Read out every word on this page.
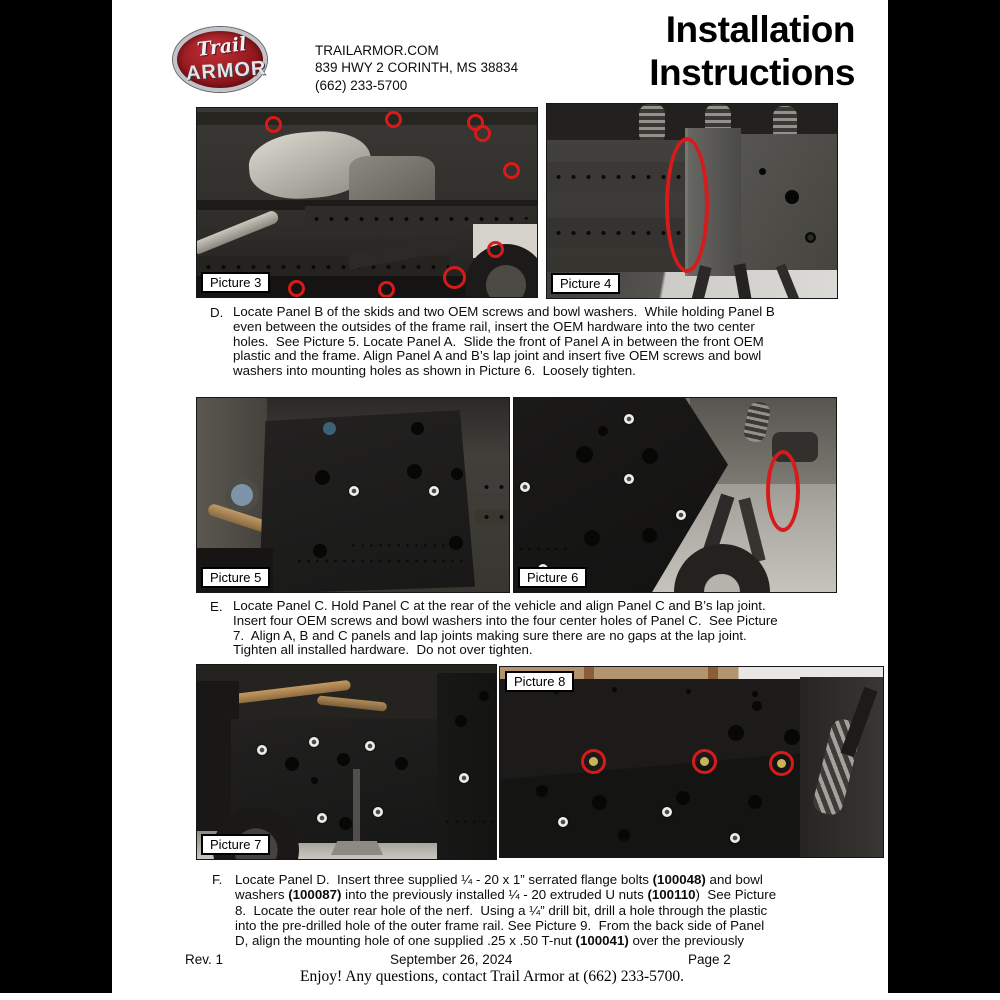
Trail
ARMOR
TRAILARMOR.COM
839 HWY 2 CORINTH, MS 38834
(662) 233-5700
Installation
Instructions
Picture 3	Picture 4
D. Locate Panel B of the skids and two OEM screws and bowl washers.  While holding Panel B
even between the outsides of the frame rail, insert the OEM hardware into the two center
holes.  See Picture 5. Locate Panel A.  Slide the front of Panel A in between the front OEM
plastic and the frame. Align Panel A and B’s lap joint and insert five OEM screws and bowl
washers into mounting holes as shown in Picture 6.  Loosely tighten.
Picture 5	Picture 6
E. Locate Panel C. Hold Panel C at the rear of the vehicle and align Panel C and B’s lap joint.
Insert four OEM screws and bowl washers into the four center holes of Panel C.  See Picture
7.  Align A, B and C panels and lap joints making sure there are no gaps at the lap joint.
Tighten all installed hardware.  Do not over tighten.
Picture 7
Picture 8
F. Locate Panel D.  Insert three supplied ¼ - 20 x 1” serrated flange bolts (100048) and bowl
washers (100087) into the previously installed ¼ - 20 extruded U nuts (100110)  See Picture
8.  Locate the outer rear hole of the nerf.  Using a ¼” drill bit, drill a hole through the plastic
into the pre-drilled hole of the outer frame rail. See Picture 9.  From the back side of Panel
D, align the mounting hole of one supplied .25 x .50 T-nut (100041) over the previously
Rev. 1	September 26, 2024	Page 2
Enjoy! Any questions, contact Trail Armor at (662) 233-5700.
